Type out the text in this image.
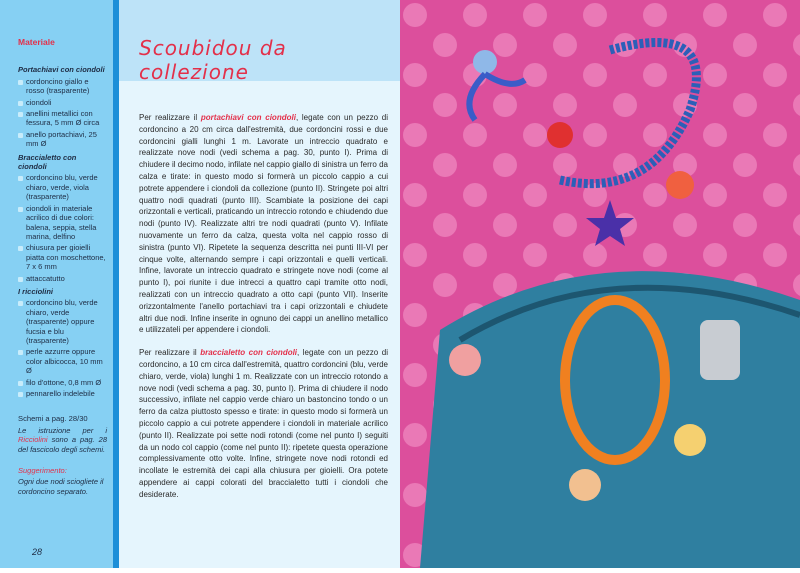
Materiale
Portachiavi con ciondoli
cordoncino giallo e rosso (trasparente)
ciondoli
anellini metallici con fessura, 5 mm Ø circa
anello portachiavi, 25 mm Ø
Braccialetto con ciondoli
cordoncino blu, verde chiaro, verde, viola (trasparente)
ciondoli in materiale acrilico di due colori: balena, seppia, stella marina, delfino
chiusura per gioielli piatta con moschettone, 7 x 6 mm
attaccatutto
I ricciolini
cordoncino blu, verde chiaro, verde (trasparente) oppure fucsia e blu (trasparente)
perle azzurre oppure color albicocca, 10 mm Ø
filo d'ottone, 0,8 mm Ø
pennarello indelebile
Schemi a pag. 28/30
Le istruzione per i Ricciolini sono a pag. 28 del fascicolo degli schemi.
Suggerimento:
Ogni due nodi sciogliete il cordoncino separato.
28
Scoubidou da collezione

Per realizzare il portachiavi con ciondoli, legate con un pezzo di cordoncino a 20 cm circa dall'estremità, due cordoncini rossi e due cordoncini gialli lunghi 1 m. Lavorate un intreccio quadrato e realizzate nove nodi (vedi schema a pag. 30, punto I). Prima di chiudere il decimo nodo, infilate nel cappio giallo di sinistra un ferro da calza e tirate: in questo modo si formerà un piccolo cappio a cui potrete appendere i ciondoli da collezione (punto II). Stringete poi altri quattro nodi quadrati (punto III). Scambiate la posizione dei capi orizzontali e verticali, praticando un intreccio rotondo e chiudendo due nodi (punto IV). Realizzate altri tre nodi quadrati (punto V). Infilate nuovamente un ferro da calza, questa volta nel cappio rosso di sinistra (punto VI). Ripetete la sequenza descritta nei punti III-VI per cinque volte, alternando sempre i capi orizzontali e quelli verticali. Infine, lavorate un intreccio quadrato e stringete nove nodi (come al punto I), poi riunite i due intrecci a quattro capi tramite otto nodi, realizzati con un intreccio quadrato a otto capi (punto VII). Inserite orizzontalmente l'anello portachiavi tra i capi orizzontali e chiudete altri due nodi. Infine inserite in ognuno dei cappi un anellino metallico e utilizzateli per appendere i ciondoli.

Per realizzare il braccialetto con ciondoli, legate con un pezzo di cordoncino, a 10 cm circa dall'estremità, quattro cordoncini (blu, verde chiaro, verde, viola) lunghi 1 m. Realizzate con un intreccio rotondo a nove nodi (vedi schema a pag. 30, punto I). Prima di chiudere il nodo successivo, infilate nel cappio verde chiaro un bastoncino tondo o un ferro da calza piuttosto spesso e tirate: in questo modo si formerà un piccolo cappio a cui potrete appendere i ciondoli in materiale acrilico (punto II). Realizzate poi sette nodi rotondi (come nel punto I) seguiti da un nodo col cappio (come nel punto II): ripetete questa operazione complessivamente otto volte. Infine, stringete nove nodi rotondi ed incollate le estremità dei capi alla chiusura per gioielli. Ora potete appendere ai cappi colorati del braccialetto tutti i ciondoli che desiderate.
